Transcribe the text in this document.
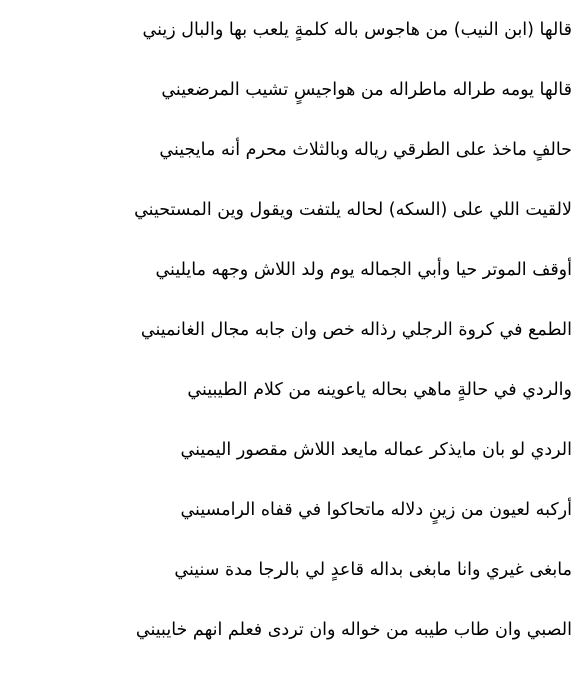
قالها (ابن النيب) من هاجوس باله كلمةٍ يلعب بها والبال زيني
قالها يومه طراله ماطراله من هواجيسٍ تشيب المرضعيني
حالفٍ ماخذ على الطرقي رياله وبالثلاث محرم أنه مايجيني
لالقيت اللي على (السكه) لحاله يلتفت ويقول وين المستحيني
أوقف الموتر حيا وأبي الجماله يوم ولد اللاش وجهه مايليني
الطمع في كروة الرجلي رذاله خص وان جابه مجال الغانميني
والردي في حالةٍ ماهي بحاله ياعوينه من كلام الطيبيني
الردي لو بان مايذكر عماله مايعد اللاش مقصور اليميني
أركبه لعيون من زينٍ دلاله ماتحاكوا في قفاه الرامسيني
مابغى غيري وانا مابغى بداله قاعدٍ لي بالرجا مدة سنيني
الصبي وان طاب طيبه من خواله وان تردى فعلم انهم خايبيني
